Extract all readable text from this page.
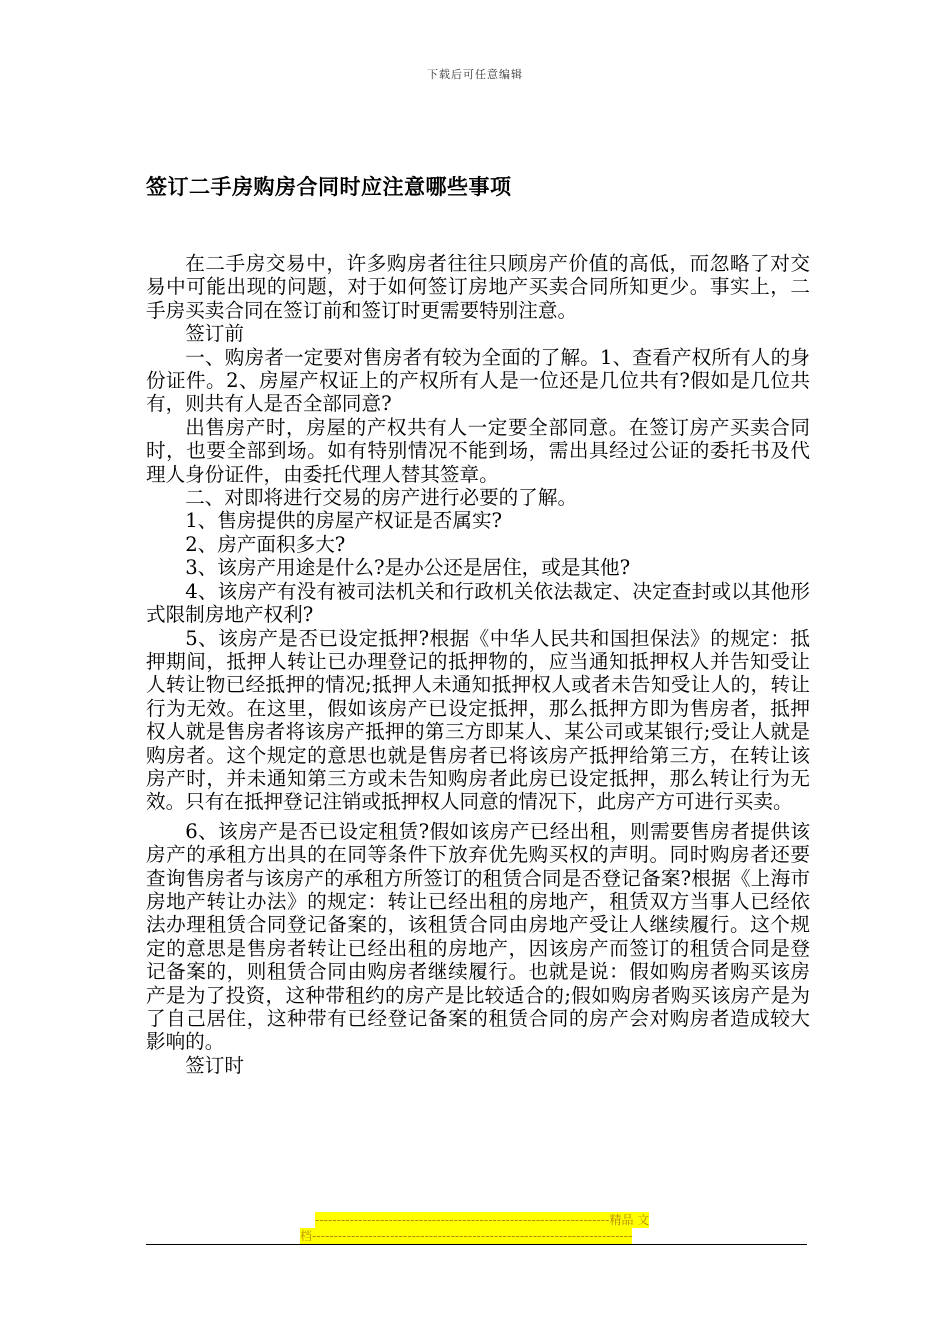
下载后可任意编辑
签订二手房购房合同时应注意哪些事项

在二手房交易中，许多购房者往往只顾房产价值的高低，而忽略了对交易中可能出现的问题，对于如何签订房地产买卖合同所知更少。事实上，二手房买卖合同在签订前和签订时更需要特别注意。

签订前

一、购房者一定要对售房者有较为全面的了解。1、查看产权所有人的身份证件。2、房屋产权证上的产权所有人是一位还是几位共有?假如是几位共有，则共有人是否全部同意?

出售房产时，房屋的产权共有人一定要全部同意。在签订房产买卖合同时，也要全部到场。如有特别情况不能到场，需出具经过公证的委托书及代理人身份证件，由委托代理人替其签章。

二、对即将进行交易的房产进行必要的了解。

1、售房提供的房屋产权证是否属实?

2、房产面积多大?

3、该房产用途是什么?是办公还是居住，或是其他?

4、该房产有没有被司法机关和行政机关依法裁定、决定查封或以其他形式限制房地产权利?

5、该房产是否已设定抵押?根据《中华人民共和国担保法》的规定：抵押期间，抵押人转让已办理登记的抵押物的，应当通知抵押权人并告知受让人转让物已经抵押的情况;抵押人未通知抵押权人或者未告知受让人的，转让行为无效。在这里，假如该房产已设定抵押，那么抵押方即为售房者，抵押权人就是售房者将该房产抵押的第三方即某人、某公司或某银行;受让人就是购房者。这个规定的意思也就是售房者已将该房产抵押给第三方，在转让该房产时，并未通知第三方或未告知购房者此房已设定抵押，那么转让行为无效。只有在抵押登记注销或抵押权人同意的情况下，此房产方可进行买卖。

6、该房产是否已设定租赁?假如该房产已经出租，则需要售房者提供该房产的承租方出具的在同等条件下放弃优先购买权的声明。同时购房者还要查询售房者与该房产的承租方所签订的租赁合同是否登记备案?根据《上海市房地产转让办法》的规定：转让已经出租的房地产，租赁双方当事人已经依法办理租赁合同登记备案的，该租赁合同由房地产受让人继续履行。这个规定的意思是售房者转让已经出租的房地产，因该房产而签订的租赁合同是登记备案的，则租赁合同由购房者继续履行。也就是说：假如购房者购买该房产是为了投资，这种带租约的房产是比较适合的;假如购房者购买该房产是为了自己居住，这种带有已经登记备案的租赁合同的房产会对购房者造成较大影响的。

签订时

--------------------------------------------------------------------精品 文
档--------------------------------------------------------------------------
